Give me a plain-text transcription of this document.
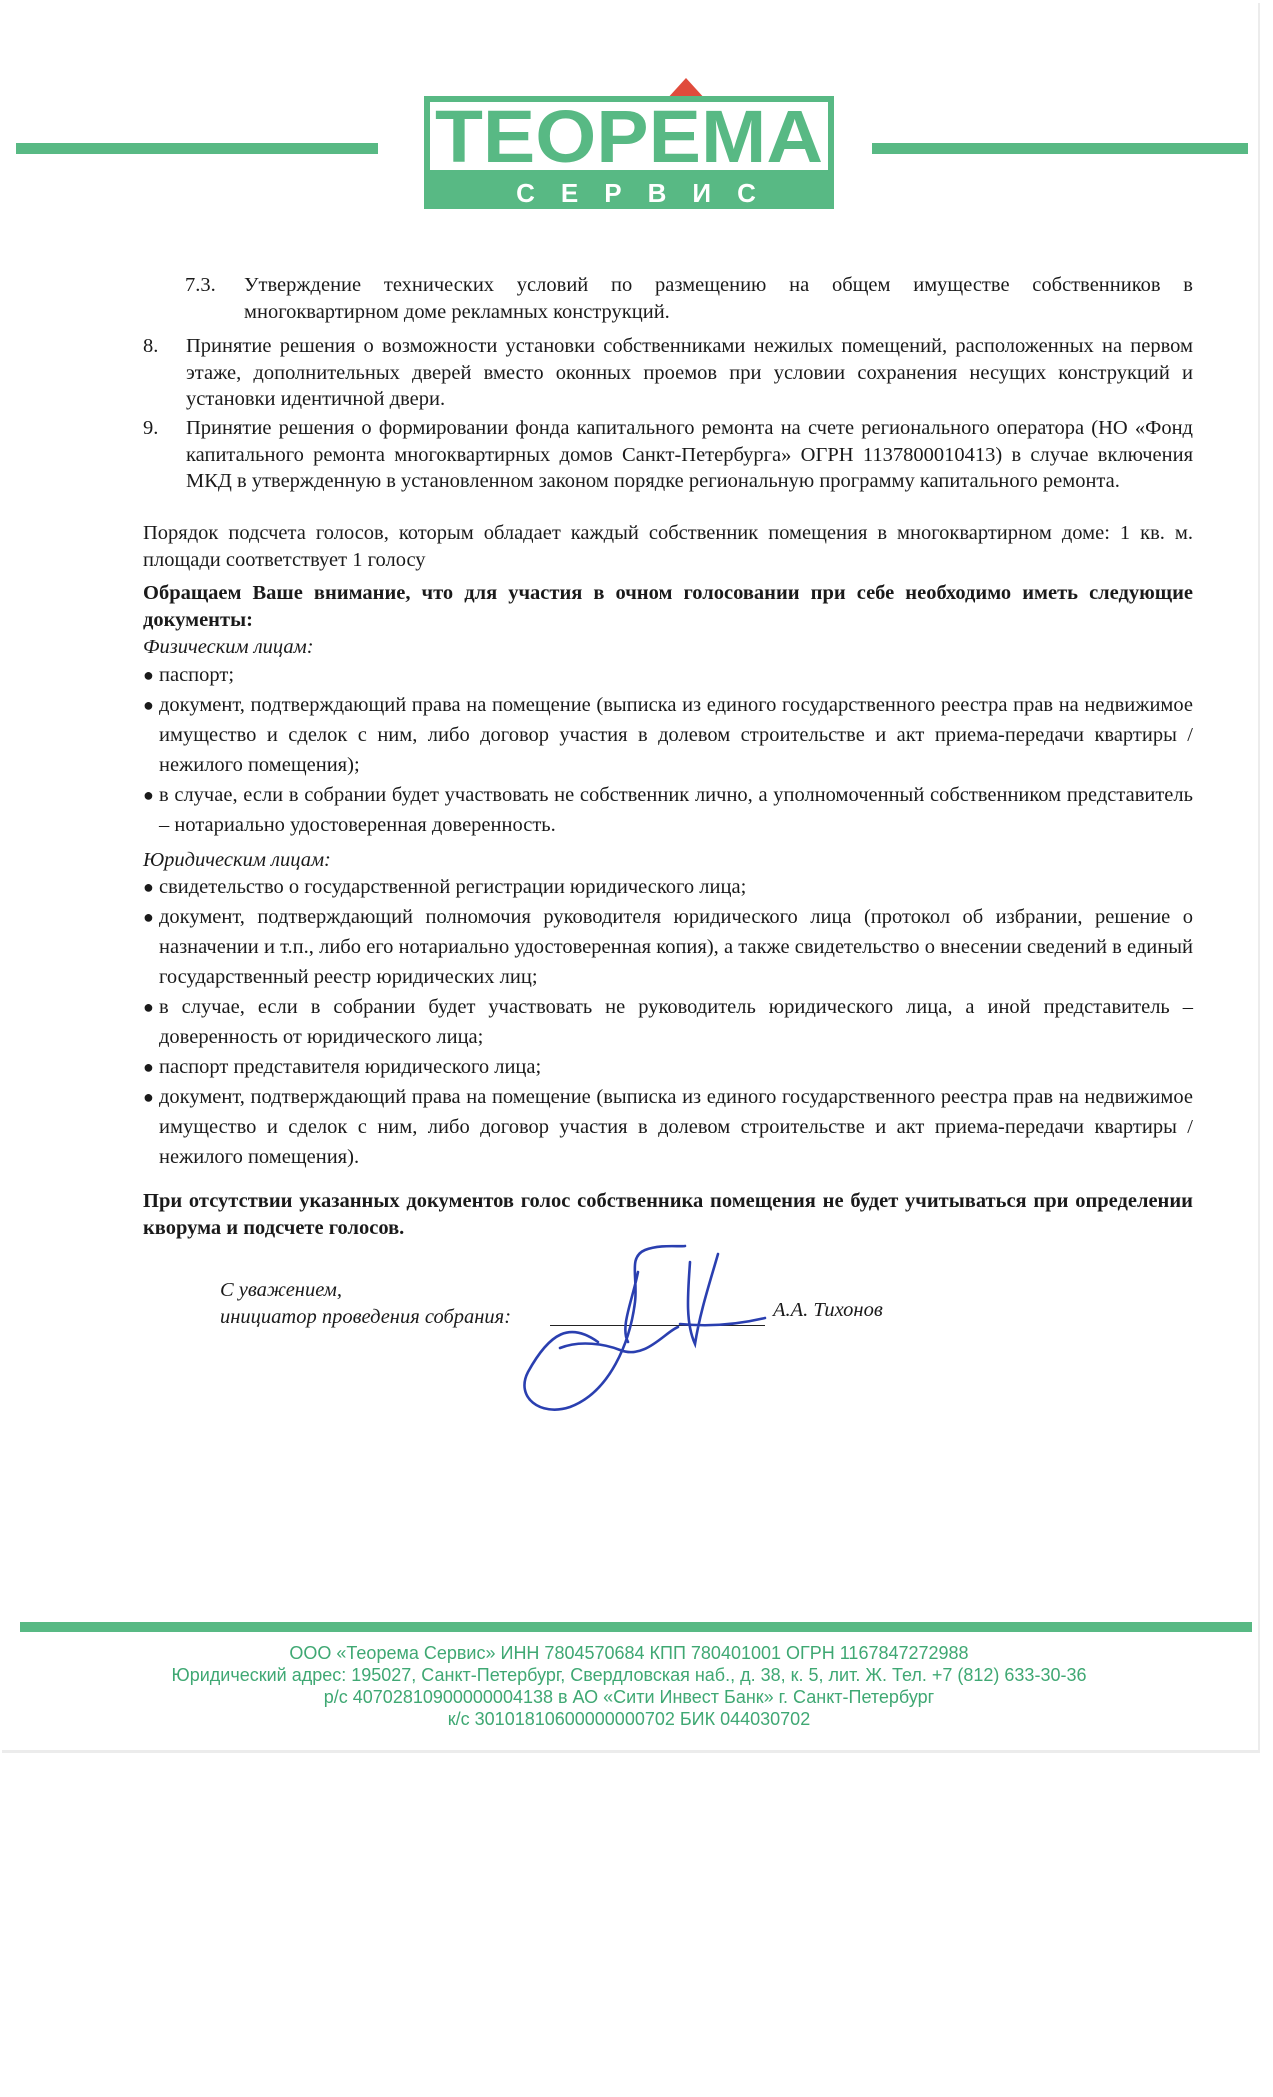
ТЕОРЕМА
СЕРВИС
7.3. Утверждение технических условий по размещению на общем имуществе собственников в многоквартирном доме рекламных конструкций.
8. Принятие решения о возможности установки собственниками нежилых помещений, расположенных на первом этаже, дополнительных дверей вместо оконных проемов при условии сохранения несущих конструкций и установки идентичной двери.
9. Принятие решения о формировании фонда капитального ремонта на счете регионального оператора (НО «Фонд капитального ремонта многоквартирных домов Санкт-Петербурга» ОГРН 1137800010413) в случае включения МКД в утвержденную в установленном законом порядке региональную программу капитального ремонта.

Порядок подсчета голосов, которым обладает каждый собственник помещения в многоквартирном доме: 1 кв. м. площади соответствует 1 голосу

Обращаем Ваше внимание, что для участия в очном голосовании при себе необходимо иметь следующие документы:

Физическим лицам:

● паспорт;
● документ, подтверждающий права на помещение (выписка из единого государственного реестра прав на недвижимое имущество и сделок с ним, либо договор участия в долевом строительстве и акт приема-передачи квартиры / нежилого помещения);
● в случае, если в собрании будет участвовать не собственник лично, а уполномоченный собственником представитель – нотариально удостоверенная доверенность.

Юридическим лицам:

● свидетельство о государственной регистрации юридического лица;
● документ, подтверждающий полномочия руководителя юридического лица (протокол об избрании, решение о назначении и т.п., либо его нотариально удостоверенная копия), а также свидетельство о внесении сведений в единый государственный реестр юридических лиц;
● в случае, если в собрании будет участвовать не руководитель юридического лица, а иной представитель – доверенность от юридического лица;
● паспорт представителя юридического лица;
● документ, подтверждающий права на помещение (выписка из единого государственного реестра прав на недвижимое имущество и сделок с ним, либо договор участия в долевом строительстве и акт приема-передачи квартиры / нежилого помещения).

При отсутствии указанных документов голос собственника помещения не будет учитываться при определении кворума и подсчете голосов.

С уважением,
инициатор проведения собрания:	А.А. Тихонов
ООО «Теорема Сервис» ИНН 7804570684 КПП 780401001 ОГРН 1167847272988
Юридический адрес: 195027, Санкт-Петербург, Свердловская наб., д. 38, к. 5, лит. Ж. Тел. +7 (812) 633-30-36
р/с 40702810900000004138 в АО «Сити Инвест Банк» г. Санкт-Петербург
к/с 30101810600000000702 БИК 044030702
